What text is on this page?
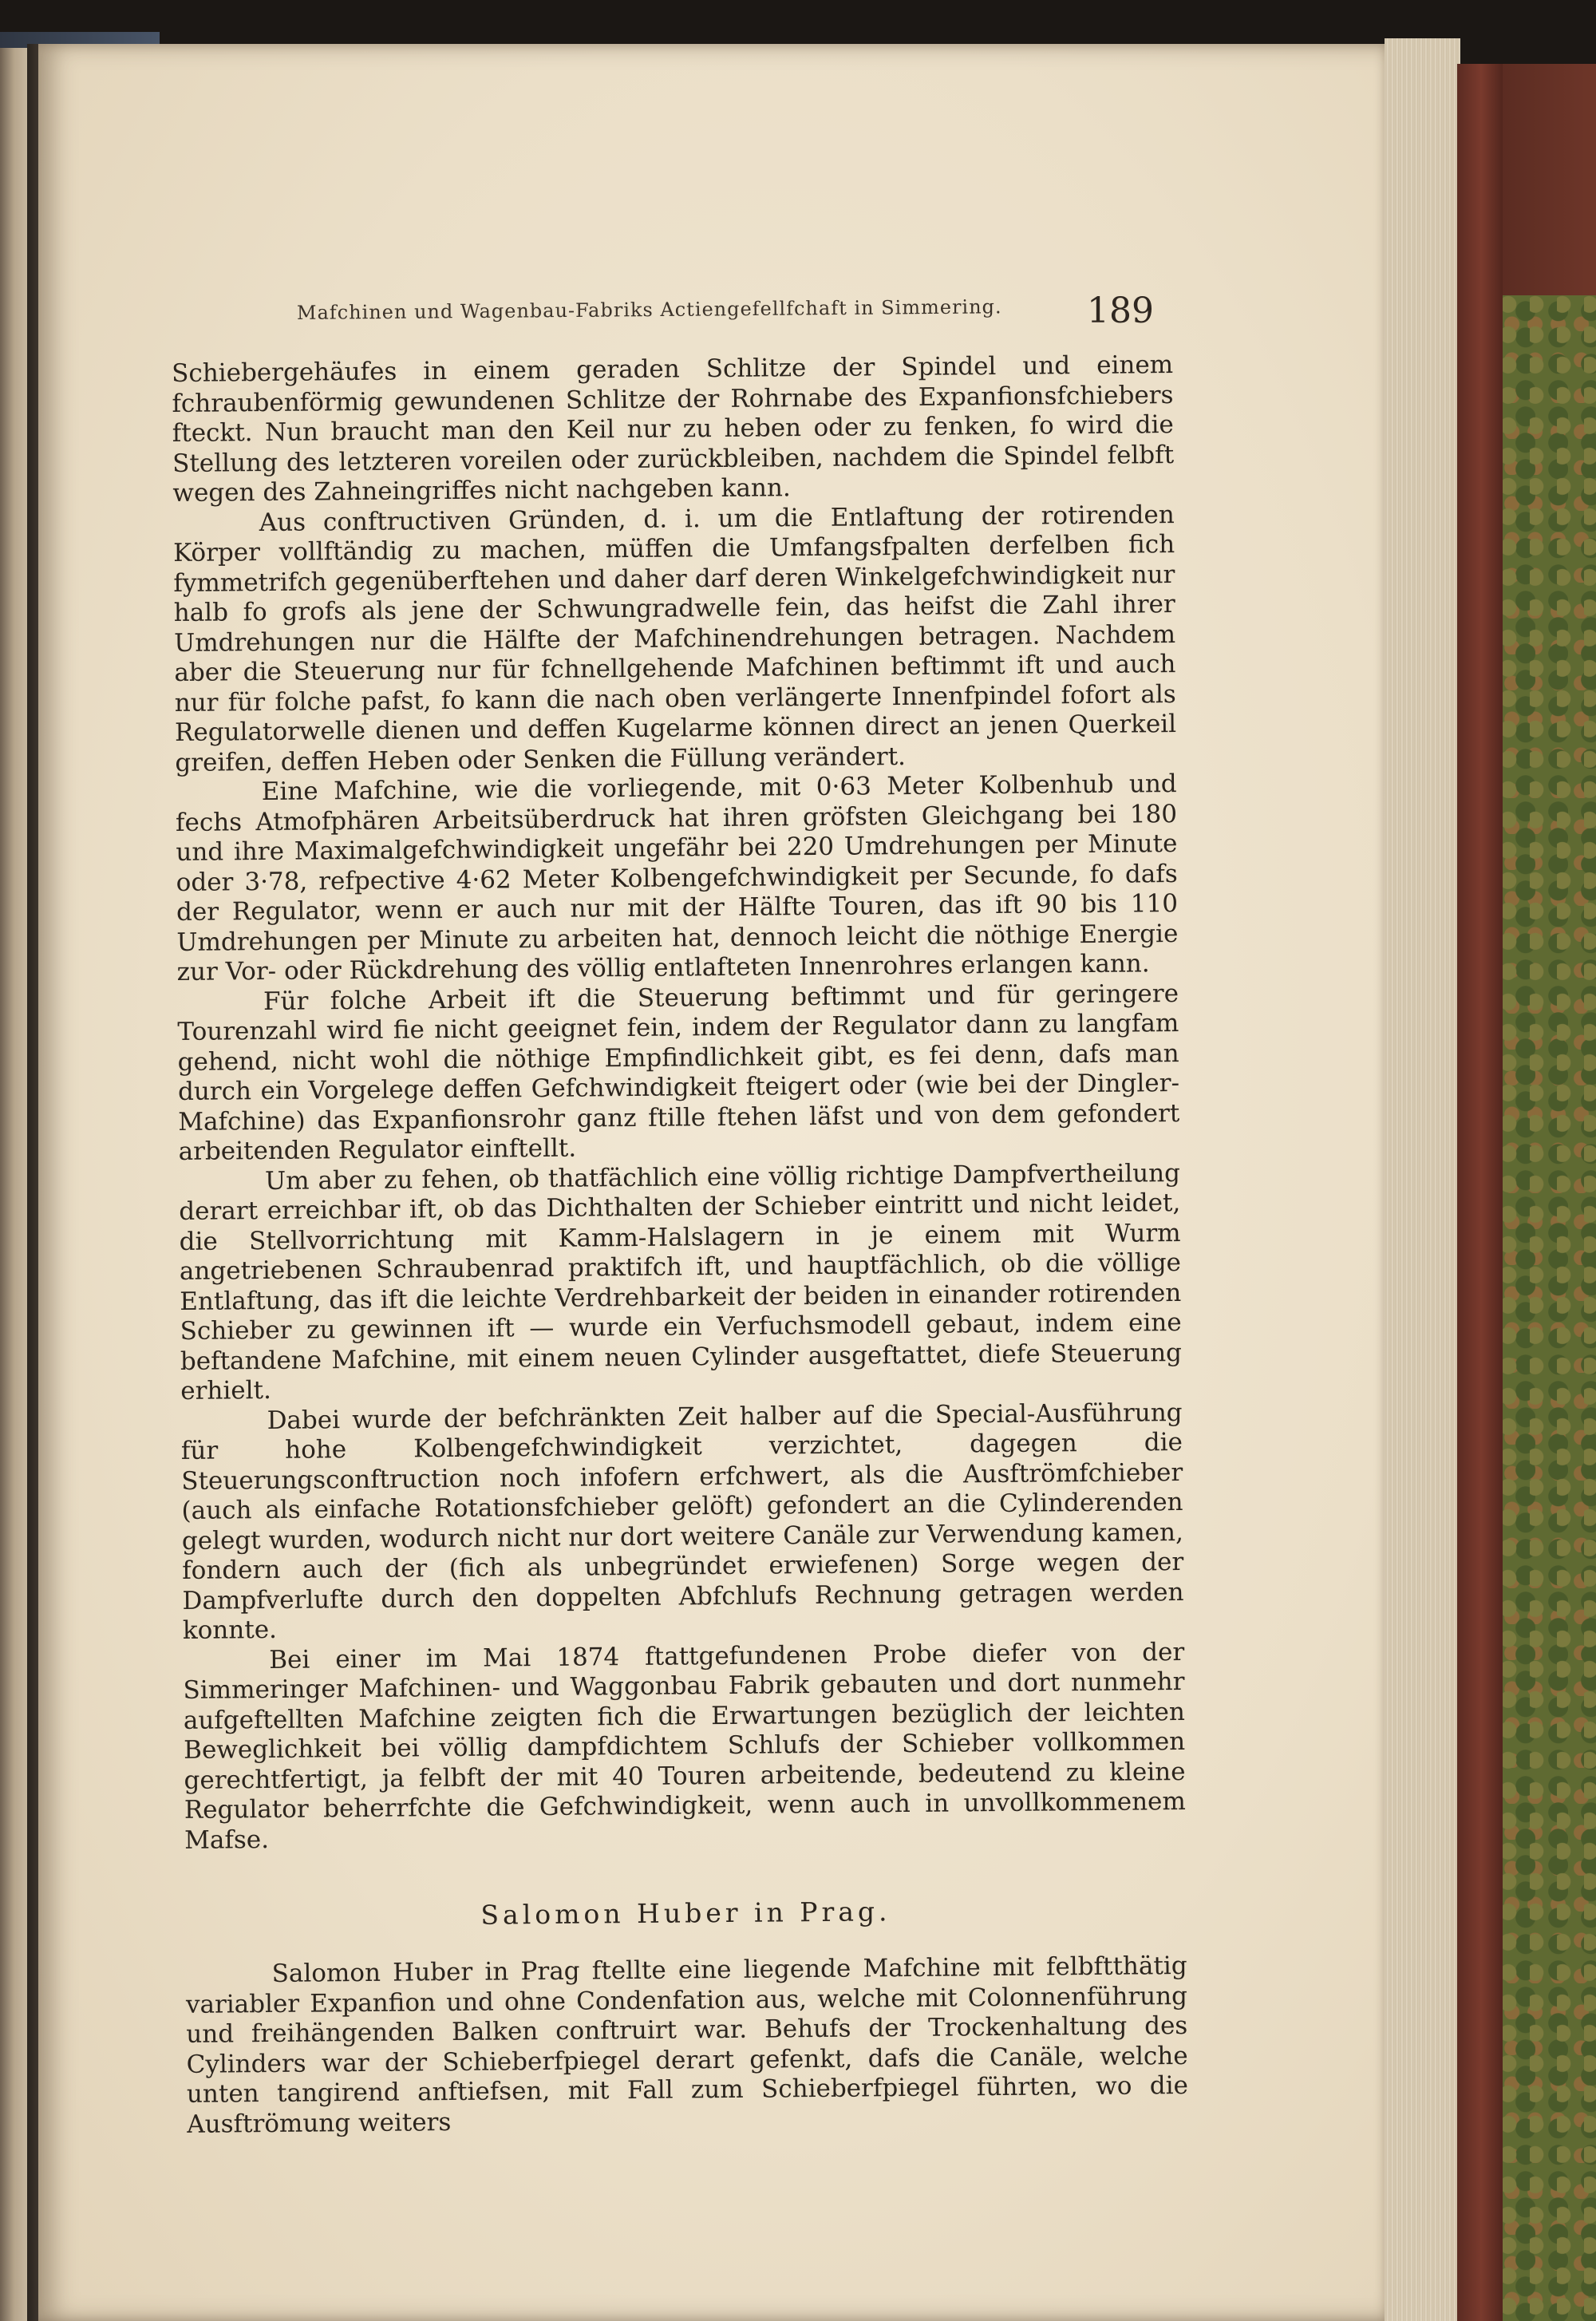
Mafchinen und Wagenbau-Fabriks Actiengefellfchaft in Simmering.	189

Schiebergehäufes in einem geraden Schlitze der Spindel und einem fchraubenförmig gewundenen Schlitze der Rohrnabe des Expanfionsfchiebers fteckt. Nun braucht man den Keil nur zu heben oder zu fenken, fo wird die Stellung des letzteren voreilen oder zurückbleiben, nachdem die Spindel felbft wegen des Zahneingriffes nicht nachgeben kann.

Aus conftructiven Gründen, d. i. um die Entlaftung der rotirenden Körper vollftändig zu machen, müffen die Umfangsfpalten derfelben fich fymmetrifch gegenüberftehen und daher darf deren Winkelgefchwindigkeit nur halb fo grofs als jene der Schwungradwelle fein, das heifst die Zahl ihrer Umdrehungen nur die Hälfte der Mafchinendrehungen betragen. Nachdem aber die Steuerung nur für fchnellgehende Mafchinen beftimmt ift und auch nur für folche pafst, fo kann die nach oben verlängerte Innenfpindel fofort als Regulatorwelle dienen und deffen Kugelarme können direct an jenen Querkeil greifen, deffen Heben oder Senken die Füllung verändert.

Eine Mafchine, wie die vorliegende, mit 0·63 Meter Kolbenhub und fechs Atmofphären Arbeitsüberdruck hat ihren gröfsten Gleichgang bei 180 und ihre Maximalgefchwindigkeit ungefähr bei 220 Umdrehungen per Minute oder 3·78, refpective 4·62 Meter Kolbengefchwindigkeit per Secunde, fo dafs der Regulator, wenn er auch nur mit der Hälfte Touren, das ift 90 bis 110 Umdrehungen per Minute zu arbeiten hat, dennoch leicht die nöthige Energie zur Vor- oder Rückdrehung des völlig entlafteten Innenrohres erlangen kann.

Für folche Arbeit ift die Steuerung beftimmt und für geringere Tourenzahl wird fie nicht geeignet fein, indem der Regulator dann zu langfam gehend, nicht wohl die nöthige Empfindlichkeit gibt, es fei denn, dafs man durch ein Vorgelege deffen Gefchwindigkeit fteigert oder (wie bei der Dingler-Mafchine) das Expanfionsrohr ganz ftille ftehen läfst und von dem gefondert arbeitenden Regulator einftellt.

Um aber zu fehen, ob thatfächlich eine völlig richtige Dampfvertheilung derart erreichbar ift, ob das Dichthalten der Schieber eintritt und nicht leidet, die Stellvorrichtung mit Kamm-Halslagern in je einem mit Wurm angetriebenen Schraubenrad praktifch ift, und hauptfächlich, ob die völlige Entlaftung, das ift die leichte Verdrehbarkeit der beiden in einander rotirenden Schieber zu gewinnen ift — wurde ein Verfuchsmodell gebaut, indem eine beftandene Mafchine, mit einem neuen Cylinder ausgeftattet, diefe Steuerung erhielt.

Dabei wurde der befchränkten Zeit halber auf die Special-Ausführung für hohe Kolbengefchwindigkeit verzichtet, dagegen die Steuerungsconftruction noch infofern erfchwert, als die Ausftrömfchieber (auch als einfache Rotationsfchieber gelöft) gefondert an die Cylinderenden gelegt wurden, wodurch nicht nur dort weitere Canäle zur Verwendung kamen, fondern auch der (fich als unbegründet erwiefenen) Sorge wegen der Dampfverlufte durch den doppelten Abfchlufs Rechnung getragen werden konnte.

Bei einer im Mai 1874 ftattgefundenen Probe diefer von der Simmeringer Mafchinen- und Waggonbau Fabrik gebauten und dort nunmehr aufgeftellten Mafchine zeigten fich die Erwartungen bezüglich der leichten Beweglichkeit bei völlig dampfdichtem Schlufs der Schieber vollkommen gerechtfertigt, ja felbft der mit 40 Touren arbeitende, bedeutend zu kleine Regulator beherrfchte die Gefchwindigkeit, wenn auch in unvollkommenem Mafse.

Salomon Huber in Prag.

Salomon Huber in Prag ftellte eine liegende Mafchine mit felbftthätig variabler Expanfion und ohne Condenfation aus, welche mit Colonnenführung und freihängenden Balken conftruirt war. Behufs der Trockenhaltung des Cylinders war der Schieberfpiegel derart gefenkt, dafs die Canäle, welche unten tangirend anftiefsen, mit Fall zum Schieberfpiegel führten, wo die Ausftrömung weiters
